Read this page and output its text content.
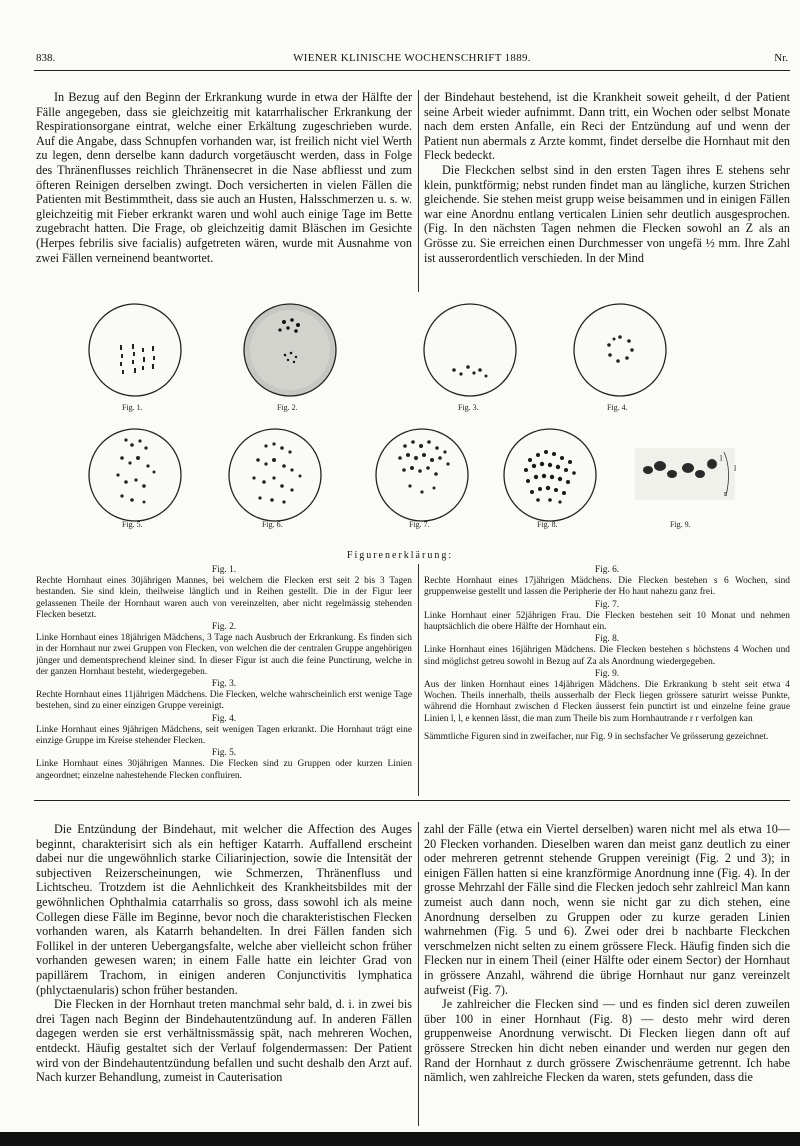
838.	WIENER KLINISCHE WOCHENSCHRIFT 1889.	Nr.

In Bezug auf den Beginn der Erkrankung wurde in etwa der Hälfte der Fälle angegeben, dass sie gleichzeitig mit katarrhalischer Erkrankung der Respirationsorgane eintrat, welche einer Erkältung zugeschrieben wurde. Auf die Angabe, dass Schnupfen vorhanden war, ist freilich nicht viel Werth zu legen, denn derselbe kann dadurch vorgetäuscht werden, dass in Folge des Thränenflusses reichlich Thränensecret in die Nase abfliesst und zum öfteren Reinigen derselben zwingt. Doch versicherten in vielen Fällen die Patienten mit Bestimmtheit, dass sie auch an Husten, Halsschmerzen u. s. w. gleichzeitig mit Fieber erkrankt waren und wohl auch einige Tage im Bette zugebracht hatten. Die Frage, ob gleichzeitig damit Bläschen im Gesichte (Herpes febrilis sive facialis) aufgetreten wären, wurde mit Ausnahme von zwei Fällen verneinend beantwortet.

der Bindehaut bestehend, ist die Krankheit soweit geheilt, d der Patient seine Arbeit wieder aufnimmt. Dann tritt, ein Wochen oder selbst Monate nach dem ersten Anfalle, ein Reci der Entzündung auf und wenn der Patient nun abermals z Arzte kommt, findet derselbe die Hornhaut mit den Fleck bedeckt.

Die Fleckchen selbst sind in den ersten Tagen ihres E stehens sehr klein, punktförmig; nebst runden findet man au längliche, kurzen Strichen gleichende. Sie stehen meist grupp weise beisammen und in einigen Fällen war eine Anordnu entlang verticalen Linien sehr deutlich ausgesprochen. (Fig. In den nächsten Tagen nehmen die Flecken sowohl an Z als an Grösse zu. Sie erreichen einen Durchmesser von ungefä ½ mm. Ihre Zahl ist ausserordentlich verschieden. In der Mind

Fig. 1.	Fig. 2.	Fig. 3.	Fig. 4.
Fig. 5.	Fig. 6.	Fig. 7.	Fig. 8.
l
l
r
Fig. 9.
Figurenerklärung:

Fig. 1.

Rechte Hornhaut eines 30jährigen Mannes, bei welchem die Flecken erst seit 2 bis 3 Tagen bestanden. Sie sind klein, theilweise länglich und in Reihen gestellt. Die in der Figur leer gelassenen Theile der Hornhaut waren auch von vereinzelten, aber nicht regelmässig stehenden Flecken besetzt.

Fig. 2.

Linke Hornhaut eines 18jährigen Mädchens, 3 Tage nach Ausbruch der Erkrankung. Es finden sich in der Hornhaut nur zwei Gruppen von Flecken, von welchen die der centralen Gruppe angehörigen jünger und dementsprechend kleiner sind. In dieser Figur ist auch die feine Punctirung, welche in der ganzen Hornhaut besteht, wiedergegeben.

Fig. 3.

Rechte Hornhaut eines 11jährigen Mädchens. Die Flecken, welche wahrscheinlich erst wenige Tage bestehen, sind zu einer einzigen Gruppe vereinigt.

Fig. 4.

Linke Hornhaut eines 9jährigen Mädchens, seit wenigen Tagen erkrankt. Die Hornhaut trägt eine einzige Gruppe im Kreise stehender Flecken.

Fig. 5.

Linke Hornhaut eines 30jährigen Mannes. Die Flecken sind zu Gruppen oder kurzen Linien angeordnet; einzelne nahestehende Flecken confluiren.

Fig. 6.

Rechte Hornhaut eines 17jährigen Mädchens. Die Flecken bestehen s 6 Wochen, sind gruppenweise gestellt und lassen die Peripherie der Ho haut nahezu ganz frei.

Fig. 7.

Linke Hornhaut einer 52jährigen Frau. Die Flecken bestehen seit 10 Monat und nehmen hauptsächlich die obere Hälfte der Hornhaut ein.

Fig. 8.

Linke Hornhaut eines 16jährigen Mädchens. Die Flecken bestehen s höchstens 4 Wochen und sind möglichst getreu sowohl in Bezug auf Za als Anordnung wiedergegeben.

Fig. 9.

Aus der linken Hornhaut eines 14jährigen Mädchens. Die Erkrankung b steht seit etwa 4 Wochen. Theils innerhalb, theils ausserhalb der Fleck liegen grössere saturirt weisse Punkte, während die Hornhaut zwischen d Flecken äusserst fein punctirt ist und einzelne feine graue Linien l, l, e kennen lässt, die man zum Theile bis zum Hornhautrande r r verfolgen kan

Sämmtliche Figuren sind in zweifacher, nur Fig. 9 in sechsfacher Ve grösserung gezeichnet.

Die Entzündung der Bindehaut, mit welcher die Affection des Auges beginnt, charakterisirt sich als ein heftiger Katarrh. Auffallend erscheint dabei nur die ungewöhnlich starke Ciliarinjection, sowie die Intensität der subjectiven Reizerscheinungen, wie Schmerzen, Thränenfluss und Lichtscheu. Trotzdem ist die Aehnlichkeit des Krankheitsbildes mit der gewöhnlichen Ophthalmia catarrhalis so gross, dass sowohl ich als meine Collegen diese Fälle im Beginne, bevor noch die charakteristischen Flecken vorhanden waren, als Katarrh behandelten. In drei Fällen fanden sich Follikel in der unteren Uebergangsfalte, welche aber vielleicht schon früher vorhanden gewesen waren; in einem Falle hatte ein leichter Grad von papillärem Trachom, in einigen anderen Conjunctivitis lymphatica (phlyctaenularis) schon früher bestanden.

Die Flecken in der Hornhaut treten manchmal sehr bald, d. i. in zwei bis drei Tagen nach Beginn der Bindehautentzündung auf. In anderen Fällen dagegen werden sie erst verhältnissmässig spät, nach mehreren Wochen, entdeckt. Häufig gestaltet sich der Verlauf folgendermassen: Der Patient wird von der Bindehautentzündung befallen und sucht deshalb den Arzt auf. Nach kurzer Behandlung, zumeist in Cauterisation

zahl der Fälle (etwa ein Viertel derselben) waren nicht mel als etwa 10—20 Flecken vorhanden. Dieselben waren dan meist ganz deutlich zu einer oder mehreren getrennt stehende Gruppen vereinigt (Fig. 2 und 3); in einigen Fällen hatten si eine kranzförmige Anordnung inne (Fig. 4). In der grosse Mehrzahl der Fälle sind die Flecken jedoch sehr zahlreicl Man kann zumeist auch dann noch, wenn sie nicht gar zu dich stehen, eine Anordnung derselben zu Gruppen oder zu kurze geraden Linien wahrnehmen (Fig. 5 und 6). Zwei oder drei b nachbarte Fleckchen verschmelzen nicht selten zu einem grössere Fleck. Häufig finden sich die Flecken nur in einem Theil (einer Hälfte oder einem Sector) der Hornhaut in grössere Anzahl, während die übrige Hornhaut nur ganz vereinzelt aufweist (Fig. 7).

Je zahlreicher die Flecken sind — und es finden sicl deren zuweilen über 100 in einer Hornhaut (Fig. 8) — desto mehr wird deren gruppenweise Anordnung verwischt. Di Flecken liegen dann oft auf grössere Strecken hin dicht neben einander und werden nur gegen den Rand der Hornhaut z durch grössere Zwischenräume getrennt. Ich habe nämlich, wen zahlreiche Flecken da waren, stets gefunden, dass die
